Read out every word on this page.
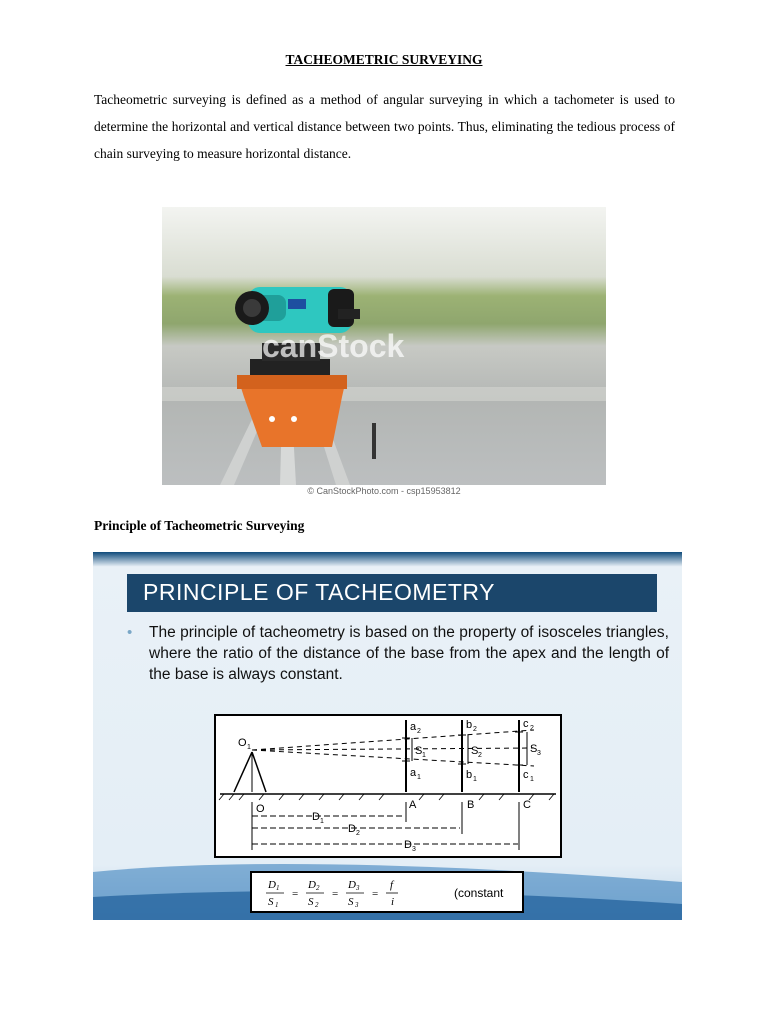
TACHEOMETRIC SURVEYING
Tacheometric surveying is defined as a method of angular surveying in which a tachometer is used to determine the horizontal and vertical distance between two points. Thus, eliminating the tedious process of chain surveying to measure horizontal distance.
canStock
© CanStockPhoto.com - csp15953812
Principle of Tacheometric Surveying
PRINCIPLE OF TACHEOMETRY
• The principle of tacheometry is based on the property of isosceles triangles, where the ratio of the distance of the base from the apex and the length of the base is always constant.
O 1
O	A	B	C
a 2
a 1
b 2
b 1
c 2
c 1
S 1	S 2
S 3
D 1
D 2
D 3
D 1
S 1
=
D 2
S 2
=
D 3
S 3
=
f
i
(constant
